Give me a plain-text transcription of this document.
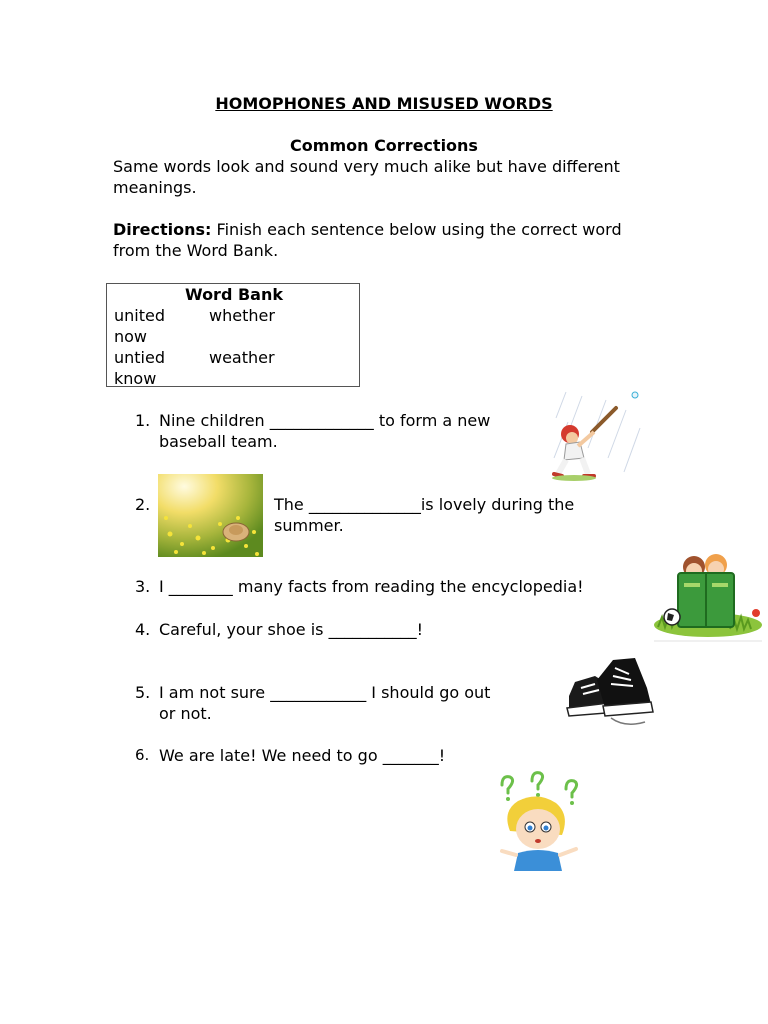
HOMOPHONES AND MISUSED WORDS
Common Corrections
Same words look and sound very much alike but have different meanings.
Directions: Finish each sentence below using the correct word from the Word Bank.
Word Bank
united	whether
now
untied	weather
know
1. Nine children _____________ to form a new
baseball team.
2.	The ______________is lovely during the
summer.
3. I ________ many facts from reading the encyclopedia!
4. Careful, your shoe is ___________!
5. I am not sure ____________ I should go out
or not.
6. We are late! We need to go _______!
